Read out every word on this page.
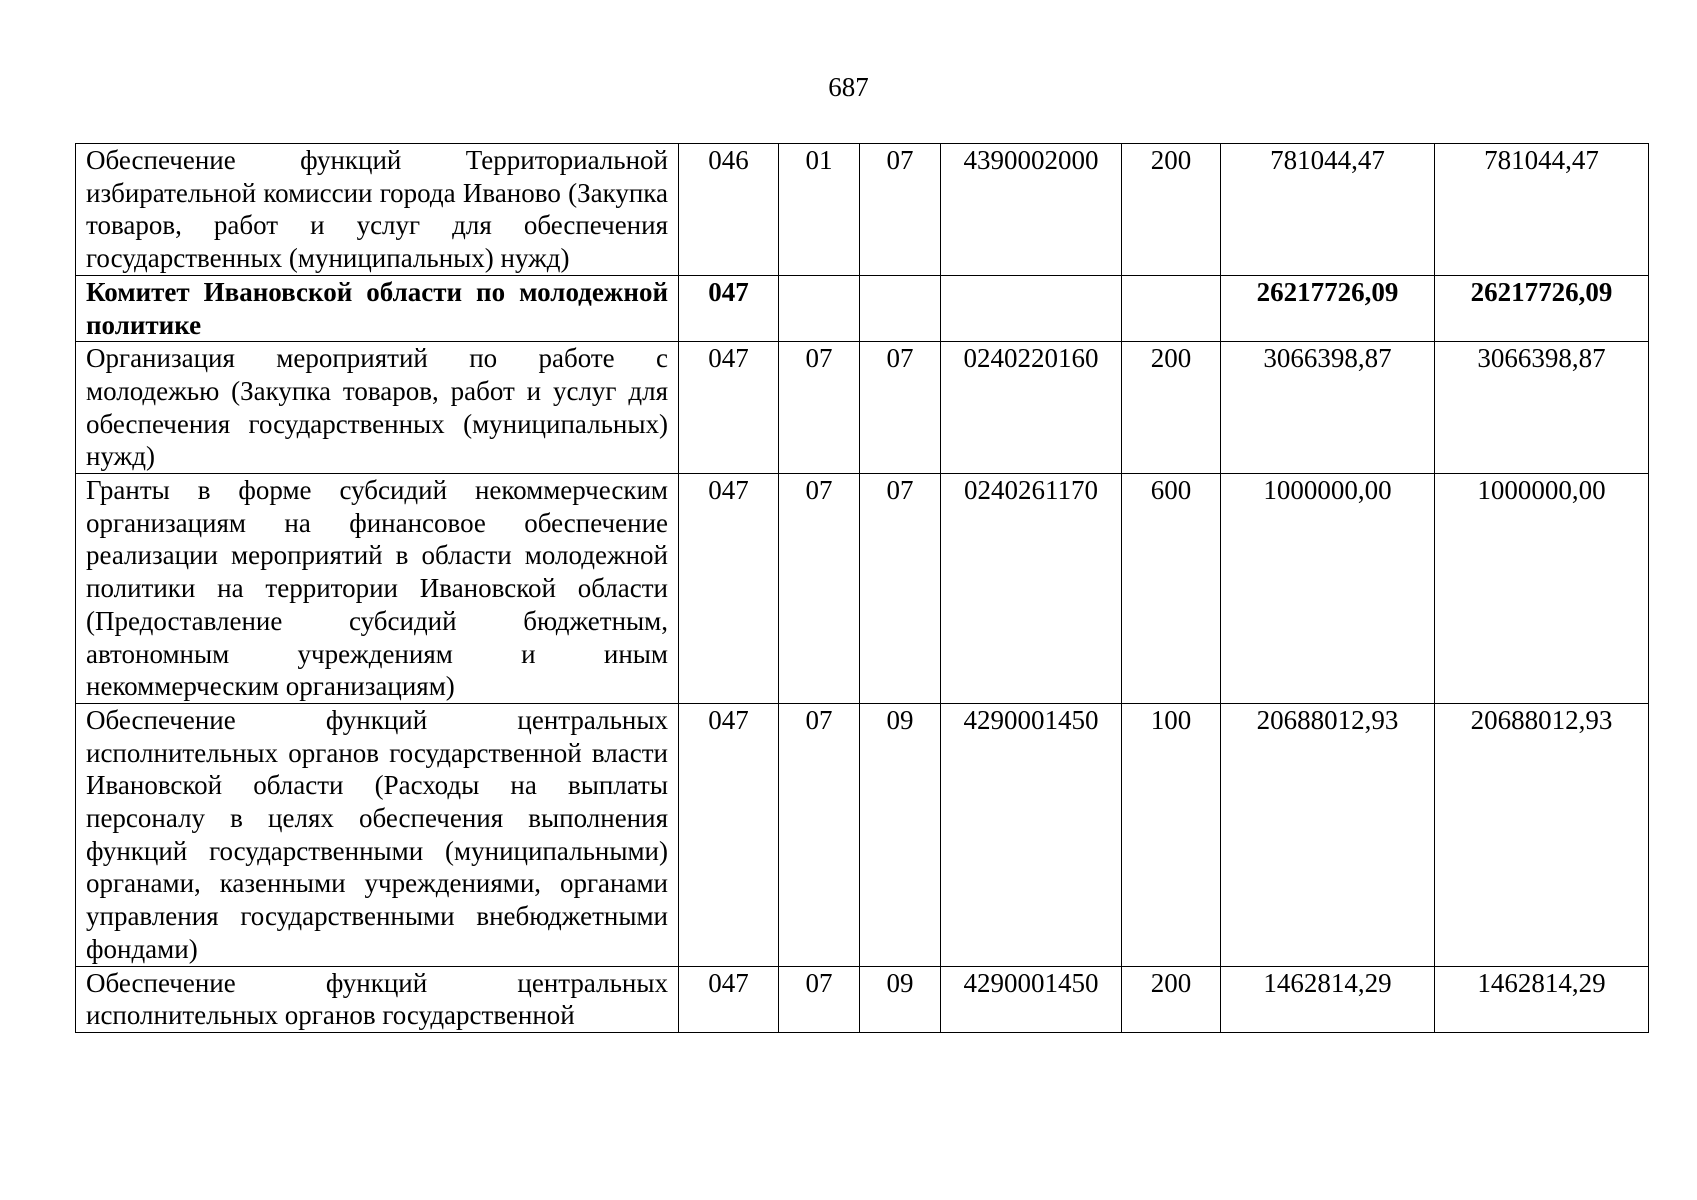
687
Обеспечение функций Территориальной избирательной комиссии города Иваново (Закупка товаров, работ и услуг для обеспечения государственных (муниципальных) нужд)	046	01	07	4390002000	200	781044,47	781044,47

Комитет Ивановской области по молодежной политике	047					26217726,09	26217726,09

Организация мероприятий по работе с молодежью (Закупка товаров, работ и услуг для обеспечения государственных (муниципальных) нужд)	047	07	07	0240220160	200	3066398,87	3066398,87

Гранты в форме субсидий некоммерческим организациям на финансовое обеспечение реализации мероприятий в области молодежной политики на территории Ивановской области (Предоставление субсидий бюджетным, автономным учреждениям и иным некоммерческим организациям)	047	07	07	0240261170	600	1000000,00	1000000,00

Обеспечение функций центральных исполнительных органов государственной власти Ивановской области (Расходы на выплаты персоналу в целях обеспечения выполнения функций государственными (муниципальными) органами, казенными учреждениями, органами управления государственными внебюджетными фондами)	047	07	09	4290001450	100	20688012,93	20688012,93

Обеспечение функций центральных исполнительных органов государственной	047	07	09	4290001450	200	1462814,29	1462814,29
